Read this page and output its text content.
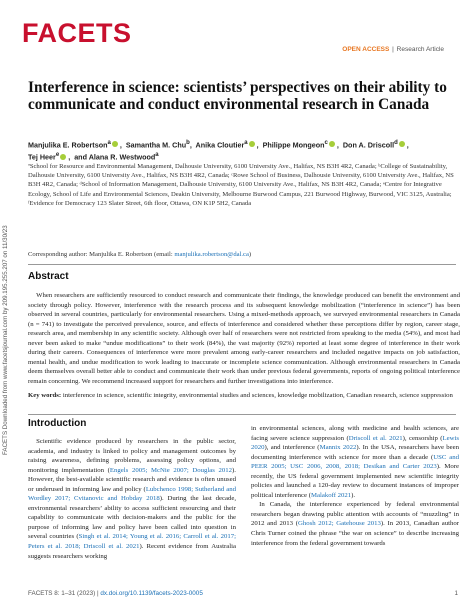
FACETS Downloaded from www.facetsjournal.com by 209.195.255.207 on 11/30/23
FACETS
OPEN ACCESS | Research Article
Interference in science: scientists’ perspectives on their ability to communicate and conduct environmental research in Canada
Manjulika E. Robertson$^a$ ,  Samantha M. Chu$^b$,  Anika Cloutier$^a$ ,  Philippe Mongeon$^c$ ,  Don A. Driscoll$^d$ ,
Tej Heer$^e$ ,  and Alana R. Westwood$^a$
ªSchool for Resource and Environmental Management, Dalhousie University, 6100 University Ave., Halifax, NS B3H 4R2, Canada; ᵇCollege of Sustainability, Dalhousie University, 6100 University Ave., Halifax, NS B3H 4R2, Canada; ᶜRowe School of Business, Dalhousie University, 6100 University Ave., Halifax, NS B3H 4R2, Canada; ᵈSchool of Information Management, Dalhousie University, 6100 University Ave., Halifax, NS B3H 4R2, Canada; ᵉCentre for Integrative Ecology, School of Life and Environmental Sciences, Deakin University, Melbourne Burwood Campus, 221 Burwood Highway, Burwood, VIC 3125, Australia; ᶠEvidence for Democracy 123 Slater Street, 6th floor, Ottawa, ON K1P 5H2, Canada
Corresponding author: Manjulika E. Robertson (email: manjulika.robertson@dal.ca)
Abstract
When researchers are sufficiently resourced to conduct research and communicate their findings, the knowledge produced can benefit the environment and society through policy. However, interference with the research process and its subsequent knowledge mobilization (“interference in science”) has been observed in several countries, particularly for environmental researchers. Using a mixed-methods approach, we surveyed environmental researchers in Canada (n = 741) to investigate the perceived prevalence, source, and effects of interference and considered whether these perceptions differ by region, career stage, research area, and membership in any scientific society. Although over half of researchers were not restricted from speaking to the media (54%), and most had never been asked to make “undue modifications” to their work (84%), the vast majority (92%) reported at least some degree of interference in their work during their careers. Consequences of interference were more prevalent among early-career researchers and included negative impacts on job satisfaction, mental health, and undue modification to work leading to inaccurate or incomplete science communication. Although environmental researchers in Canada deem themselves overall better able to conduct and communicate their work than under previous federal governments, reports of ongoing political interference remain concerning. We recommend increased support for researchers and further investigations into interference.
Key words: interference in science, scientific integrity, environmental studies and sciences, knowledge mobilization, Canadian research, science suppression
Introduction

Scientific evidence produced by researchers in the public sector, academia, and industry is linked to policy and management outcomes by raising awareness, defining problems, assessing policy options, and monitoring implementation (Engels 2005; McNie 2007; Douglas 2012). However, the best-available scientific research and evidence is often unused or underused in informing law and policy (Lubchenco 1998; Sutherland and Wordley 2017; Cvitanovic and Hobday 2018). During the last decade, environmental researchers’ ability to access sufficient resourcing and their capability to communicate with decision-makers and the public for the purpose of informing law and policy have been called into question in several countries (Singh et al. 2014; Young et al. 2016; Carroll et al. 2017; Peters et al. 2018; Driscoll et al. 2021). Recent evidence from Australia suggests researchers working

in environmental sciences, along with medicine and health sciences, are facing severe science suppression (Driscoll et al. 2021), censorship (Lewis 2020), and interference (Mannix 2022). In the USA, researchers have been documenting interference with science for more than a decade (USC and PEER 2005; USC 2006, 2008, 2018; Desikan and Carter 2023). More recently, the US federal government implemented new scientific integrity policies and launched a 120-day review to document instances of improper political interference (Malakoff 2021).

In Canada, the interference experienced by federal environmental researchers began drawing public attention with accounts of “muzzling” in 2012 and 2013 (Ghosh 2012; Gatehouse 2013). In 2013, Canadian author Chris Turner coined the phrase “the war on science” to describe increasing interference from the federal government towards

FACETS 8: 1–31 (2023) | dx.doi.org/10.1139/facets-2023-0005	1
